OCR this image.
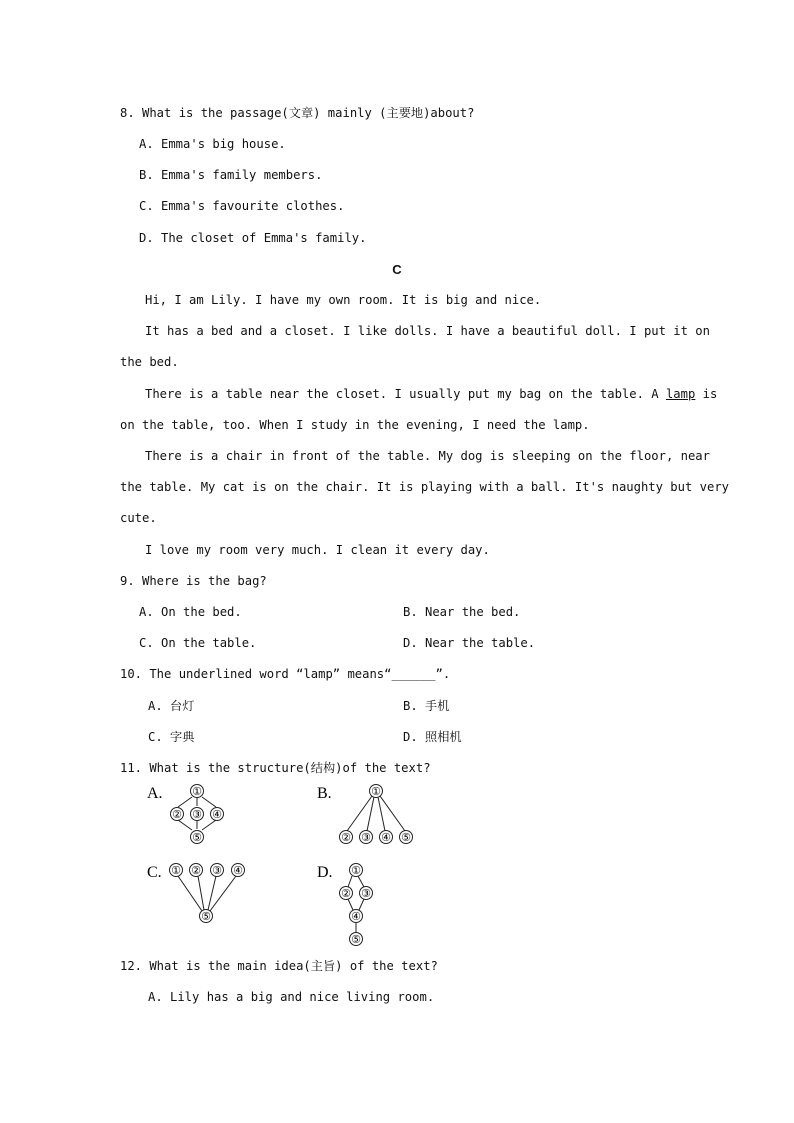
8. What is the passage(文章) mainly (主要地)about?
A. Emma's big house.
B. Emma's family members.
C. Emma's favourite clothes.
D. The closet of Emma's family.
C
Hi, I am Lily. I have my own room. It is big and nice.
It has a bed and a closet. I like dolls. I have a beautiful doll. I put it on
the bed.
There is a table near the closet. I usually put my bag on the table. A lamp is
on the table, too. When I study in the evening, I need the lamp.
There is a chair in front of the table. My dog is sleeping on the floor, near
the table. My cat is on the chair. It is playing with a ball. It's naughty but very
cute.
I love my room very much. I clean it every day.
9. Where is the bag?
A. On the bed.	B. Near the bed.
C. On the table.	D. Near the table.
10. The underlined word “lamp” means“______”.
A. 台灯	B. 手机
C. 字典	D. 照相机
11. What is the structure(结构)of the text?
A.	①
② ③ ④
⑤
B.	①
② ③ ④ ⑤
C. ① ② ③ ④
⑤
D. ①
② ③
④
⑤
12. What is the main idea(主旨) of the text?
A. Lily has a big and nice living room.
